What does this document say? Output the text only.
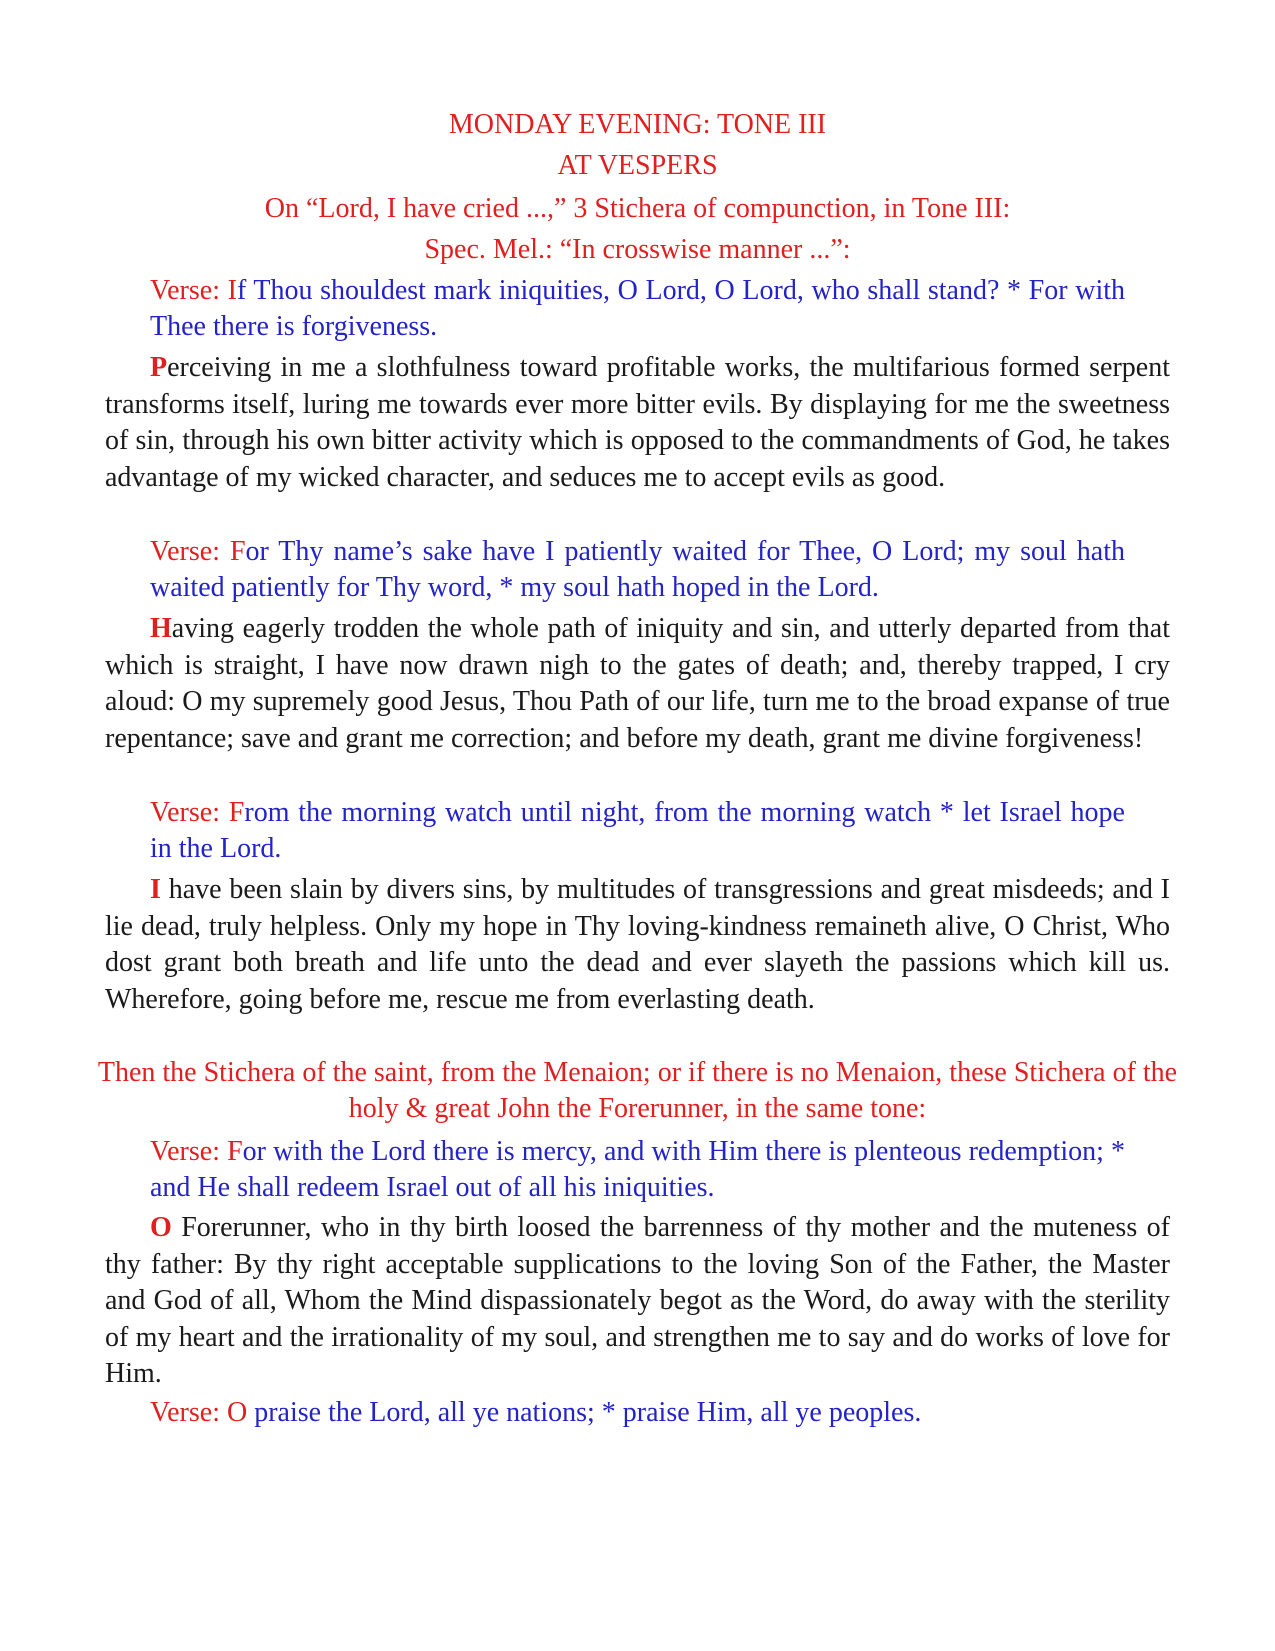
MONDAY EVENING: TONE III
AT VESPERS
On “Lord, I have cried ...,” 3 Stichera of compunction, in Tone III:
Spec. Mel.: “In crosswise manner ...”:
Verse: If Thou shouldest mark iniquities, O Lord, O Lord, who shall stand? * For with Thee there is forgiveness.
Perceiving in me a slothfulness toward profitable works, the multifarious formed serpent transforms itself, luring me towards ever more bitter evils. By displaying for me the sweetness of sin, through his own bitter activity which is opposed to the commandments of God, he takes advantage of my wicked character, and seduces me to accept evils as good.
Verse: For Thy name’s sake have I patiently waited for Thee, O Lord; my soul hath waited patiently for Thy word, * my soul hath hoped in the Lord.
Having eagerly trodden the whole path of iniquity and sin, and utterly departed from that which is straight, I have now drawn nigh to the gates of death; and, thereby trapped, I cry aloud: O my supremely good Jesus, Thou Path of our life, turn me to the broad expanse of true repentance; save and grant me correction; and before my death, grant me divine forgiveness!
Verse: From the morning watch until night, from the morning watch * let Israel hope in the Lord.
I have been slain by divers sins, by multitudes of transgressions and great misdeeds; and I lie dead, truly helpless. Only my hope in Thy loving-kindness remaineth alive, O Christ, Who dost grant both breath and life unto the dead and ever slayeth the passions which kill us. Wherefore, going before me, rescue me from everlasting death.
Then the Stichera of the saint, from the Menaion; or if there is no Menaion, these Stichera of the holy & great John the Forerunner, in the same tone:
Verse: For with the Lord there is mercy, and with Him there is plenteous redemption; * and He shall redeem Israel out of all his iniquities.
O Forerunner, who in thy birth loosed the barrenness of thy mother and the muteness of thy father: By thy right acceptable supplications to the loving Son of the Father, the Master and God of all, Whom the Mind dispassionately begot as the Word, do away with the sterility of my heart and the irrationality of my soul, and strengthen me to say and do works of love for Him.
Verse: O praise the Lord, all ye nations; * praise Him, all ye peoples.
